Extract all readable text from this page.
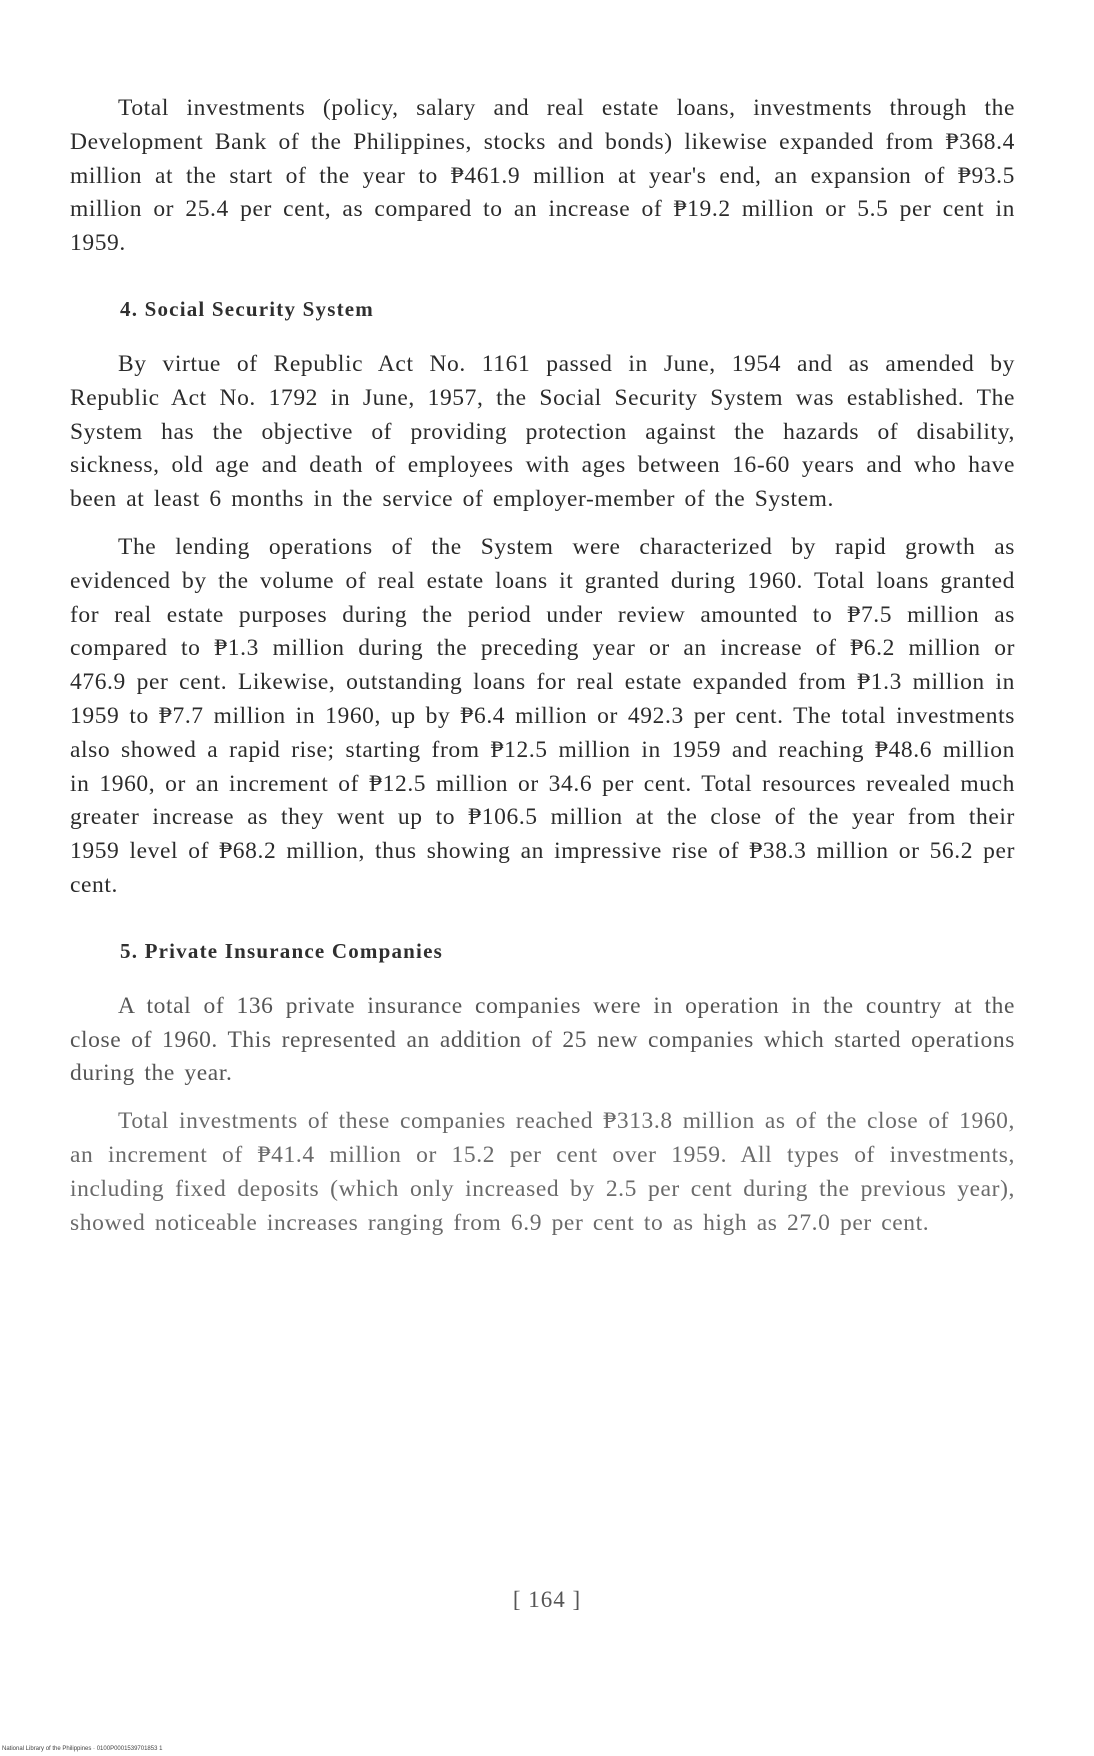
Total investments (policy, salary and real estate loans, investments through the Development Bank of the Philippines, stocks and bonds) likewise expanded from ₱368.4 million at the start of the year to ₱461.9 million at year's end, an expansion of ₱93.5 million or 25.4 per cent, as compared to an increase of ₱19.2 million or 5.5 per cent in 1959.

4. Social Security System

By virtue of Republic Act No. 1161 passed in June, 1954 and as amended by Republic Act No. 1792 in June, 1957, the Social Security System was established. The System has the objective of providing protection against the hazards of disability, sickness, old age and death of employees with ages between 16-60 years and who have been at least 6 months in the service of employer-member of the System.

The lending operations of the System were characterized by rapid growth as evidenced by the volume of real estate loans it granted during 1960. Total loans granted for real estate purposes during the period under review amounted to ₱7.5 million as compared to ₱1.3 million during the preceding year or an increase of ₱6.2 million or 476.9 per cent. Likewise, outstanding loans for real estate expanded from ₱1.3 million in 1959 to ₱7.7 million in 1960, up by ₱6.4 million or 492.3 per cent. The total investments also showed a rapid rise; starting from ₱12.5 million in 1959 and reaching ₱48.6 million in 1960, or an increment of ₱12.5 million or 34.6 per cent. Total resources revealed much greater increase as they went up to ₱106.5 million at the close of the year from their 1959 level of ₱68.2 million, thus showing an impressive rise of ₱38.3 million or 56.2 per cent.

5. Private Insurance Companies

A total of 136 private insurance companies were in operation in the country at the close of 1960. This represented an addition of 25 new companies which started operations during the year.

Total investments of these companies reached ₱313.8 million as of the close of 1960, an increment of ₱41.4 million or 15.2 per cent over 1959. All types of investments, including fixed deposits (which only increased by 2.5 per cent during the previous year), showed noticeable increases ranging from 6.9 per cent to as high as 27.0 per cent.

[ 164 ]
National Library of the Philippines · 0100P0001539701853 1
